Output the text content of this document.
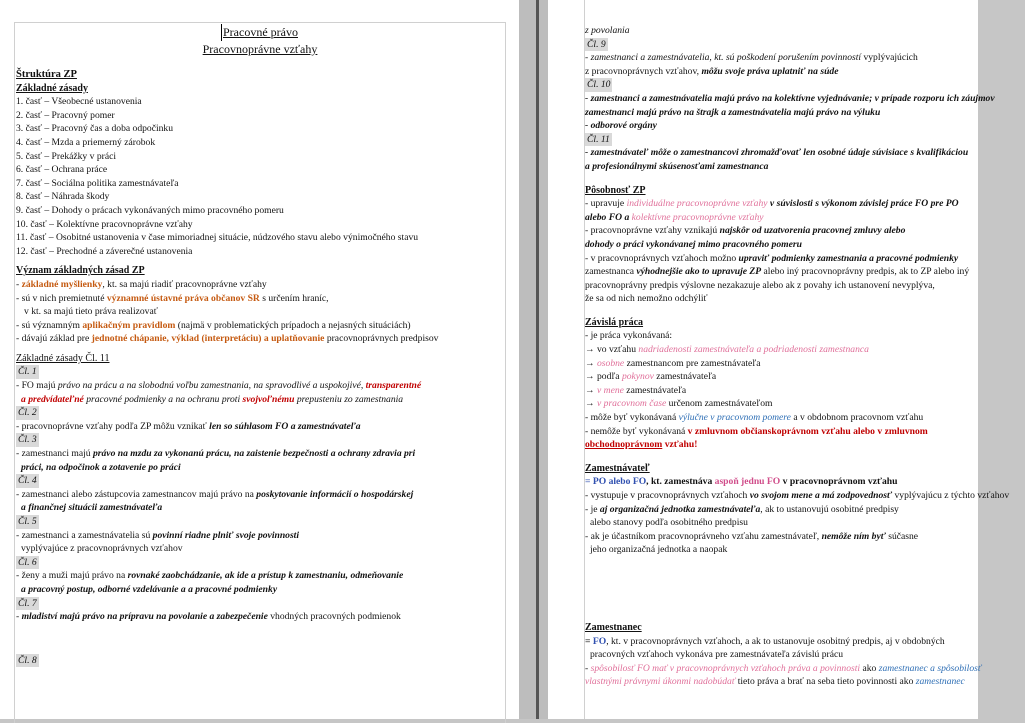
Pracovné právo
Pracovnoprávne vzťahy
Štruktúra ZP
Základné zásady
1. časť – Všeobecné ustanovenia
2. časť – Pracovný pomer
3. časť – Pracovný čas a doba odpočinku
4. časť – Mzda a priemerný zárobok
5. časť – Prekážky v práci
6. časť – Ochrana práce
7. časť – Sociálna politika zamestnávateľa
8. časť – Náhrada škody
9. časť – Dohody o prácach vykonávaných mimo pracovného pomeru
10. časť – Kolektívne pracovnoprávne vzťahy
11. časť – Osobitné ustanovenia v čase mimoriadnej situácie, núdzového stavu alebo výnimočného stavu
12. časť – Prechodné a záverečné ustanovenia
Význam základných zásad ZP
- základné myšlienky, kt. sa majú riadiť pracovnoprávne vzťahy
- sú v nich premietnuté významné ústavné práva občanov SR s určením hraníc,
v kt. sa majú tieto práva realizovať
- sú významným aplikačným pravidlom (najmä v problematických prípadoch a nejasných situáciách)
- dávajú základ pre jednotné chápanie, výklad (interpretáciu) a uplatňovanie pracovnoprávnych predpisov
Základné zásady Čl. 11
Čl. 1
- FO majú právo na prácu a na slobodnú voľbu zamestnania, na spravodlivé a uspokojivé, transparentné
a predvídateľné pracovné podmienky a na ochranu proti svojvoľnému prepusteniu zo zamestnania
Čl. 2
- pracovnoprávne vzťahy podľa ZP môžu vznikať len so súhlasom FO a zamestnávateľa
Čl. 3
- zamestnanci majú právo na mzdu za vykonanú prácu, na zaistenie bezpečnosti a ochrany zdravia pri
práci, na odpočinok a zotavenie po práci
Čl. 4
- zamestnanci alebo zástupcovia zamestnancov majú právo na poskytovanie informácií o hospodárskej
a finančnej situácii zamestnávateľa
Čl. 5
- zamestnanci a zamestnávatelia sú povinní riadne plniť svoje povinnosti
vyplývajúce z pracovnoprávnych vzťahov
Čl. 6
- ženy a muži majú právo na rovnaké zaobchádzanie, ak ide a prístup k zamestnaniu, odmeňovanie
a pracovný postup, odborné vzdelávanie a a pracovné podmienky
Čl. 7
- mladiství majú právo na prípravu na povolanie a zabezpečenie vhodných pracovných podmienok
Čl. 8
z povolania
Čl. 9
- zamestnanci a zamestnávatelia, kt. sú poškodení porušením povinností vyplývajúcich
z pracovnoprávnych vzťahov, môžu svoje práva uplatniť na súde
Čl. 10
- zamestnanci a zamestnávatelia majú právo na kolektívne vyjednávanie; v prípade rozporu ich záujmov
zamestnanci majú právo na štrajk a zamestnávatelia majú právo na výluku
- odborové orgány
Čl. 11
- zamestnávateľ môže o zamestnancovi zhromažďovať len osobné údaje súvisiace s kvalifikáciou
a profesionálnymi skúsenosťami zamestnanca
Pôsobnosť ZP
- upravuje individuálne pracovnoprávne vzťahy v súvislosti s výkonom závislej práce FO pre PO
alebo FO a kolektívne pracovnoprávne vzťahy
- pracovnoprávne vzťahy vznikajú najskôr od uzatvorenia pracovnej zmluvy alebo
dohody o práci vykonávanej mimo pracovného pomeru
- v pracovnoprávnych vzťahoch možno upraviť podmienky zamestnania a pracovné podmienky
zamestnanca výhodnejšie ako to upravuje ZP alebo iný pracovnoprávny predpis, ak to ZP alebo iný
pracovnoprávny predpis výslovne nezakazuje alebo ak z povahy ich ustanovení nevyplýva,
že sa od nich nemožno odchýliť
Závislá práca
- je práca vykonávaná:
→ vo vzťahu nadriadenosti zamestnávateľa a podriadenosti zamestnanca
→ osobne zamestnancom pre zamestnávateľa
→ podľa pokynov zamestnávateľa
→ v mene zamestnávateľa
→ v pracovnom čase určenom zamestnávateľom
- môže byť vykonávaná výlučne v pracovnom pomere a v obdobnom pracovnom vzťahu
- nemôže byť vykonávaná v zmluvnom občianskoprávnom vzťahu alebo v zmluvnom
obchodnoprávnom vzťahu!
Zamestnávateľ
= PO alebo FO, kt. zamestnáva aspoň jednu FO v pracovnoprávnom vzťahu
- vystupuje v pracovnoprávnych vzťahoch vo svojom mene a má zodpovednosť vyplývajúcu z týchto vzťahov
- je aj organizačná jednotka zamestnávateľa, ak to ustanovujú osobitné predpisy
alebo stanovy podľa osobitného predpisu
- ak je účastníkom pracovnoprávneho vzťahu zamestnávateľ, nemôže ním byť súčasne
jeho organizačná jednotka a naopak
Zamestnanec
= FO, kt. v pracovnoprávnych vzťahoch, a ak to ustanovuje osobitný predpis, aj v obdobných
pracovných vzťahoch vykonáva pre zamestnávateľa závislú prácu
- spôsobilosť FO mať v pracovnoprávnych vzťahoch práva a povinnosti ako zamestnanec a spôsobilosť
vlastnými právnymi úkonmi nadobúdať tieto práva a brať na seba tieto povinnosti ako zamestnanec
